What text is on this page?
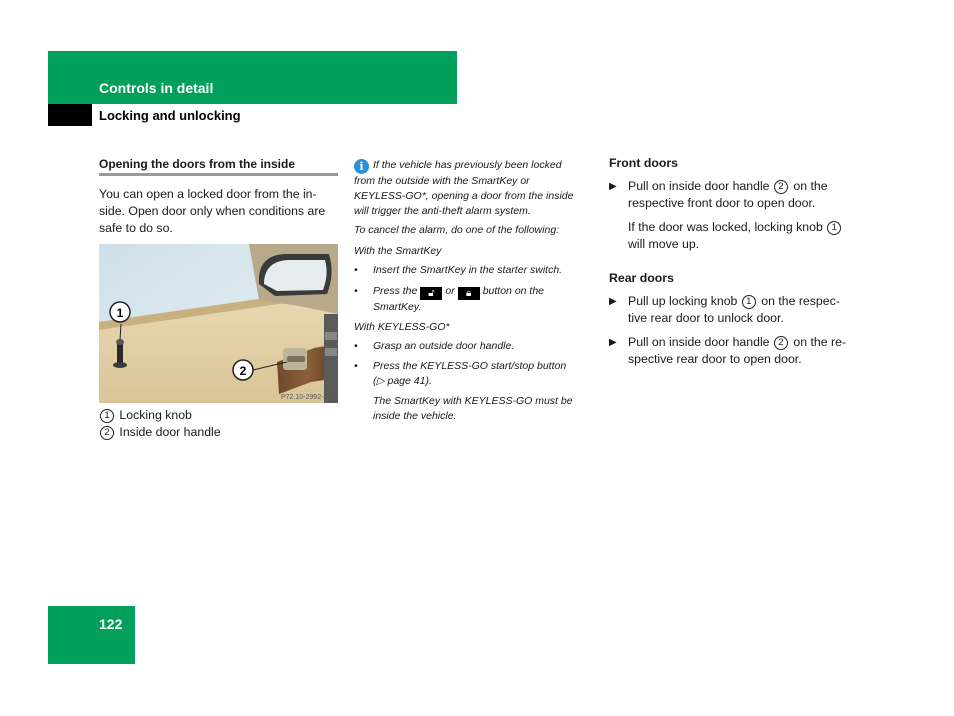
Controls in detail
Locking and unlocking
Opening the doors from the inside
You can open a locked door from the in-
side. Open door only when conditions are
safe to do so.
1
2
P72.10-2992-31
1 Locking knob
2 Inside door handle
i If the vehicle has previously been locked
from the outside with the SmartKey or
KEYLESS-GO*, opening a door from the inside
will trigger the anti-theft alarm system.
To cancel the alarm, do one of the following:
With the SmartKey
• Insert the SmartKey in the starter switch.
• Press the 🔓︎ or 🔒︎ button on the
SmartKey.
With KEYLESS-GO*
• Grasp an outside door handle.
• Press the KEYLESS-GO start/stop button
(▷ page 41).
The SmartKey with KEYLESS-GO must be
inside the vehicle.
Front doors
▶ Pull on inside door handle 2 on the
respective front door to open door.
If the door was locked, locking knob 1
will move up.
Rear doors
▶ Pull up locking knob 1 on the respec-
tive rear door to unlock door.
▶ Pull on inside door handle 2 on the re-
spective rear door to open door.
122
